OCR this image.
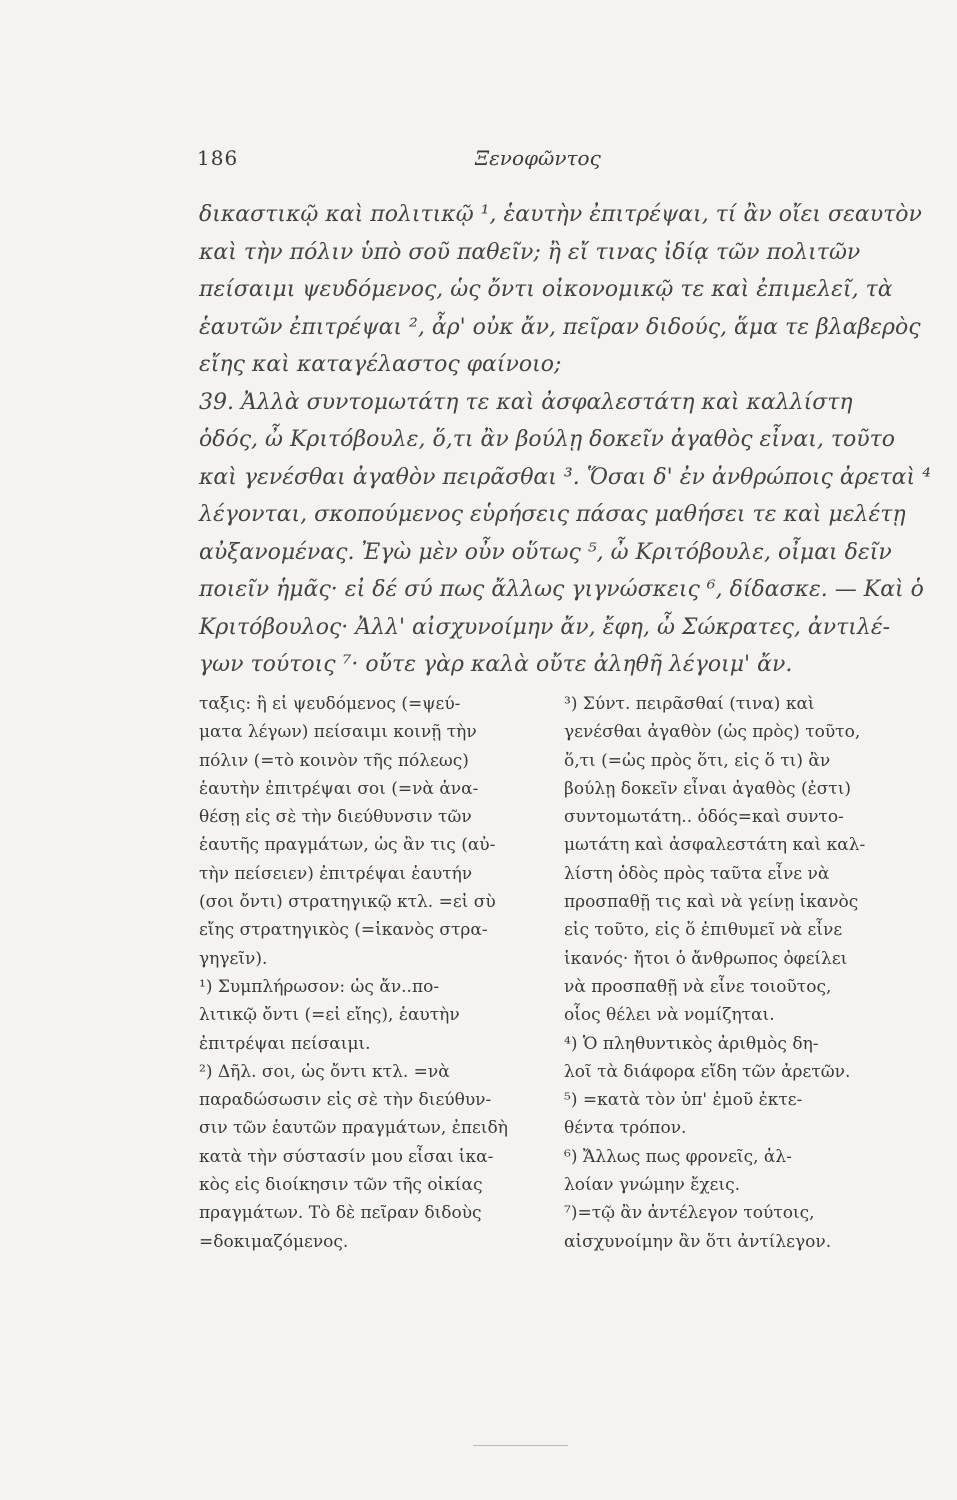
186	Ξενοφῶντος
δικαστικῷ καὶ πολιτικῷ ¹, ἑαυτὴν ἐπιτρέψαι, τί ἂν οἴει σεαυτὸν
καὶ τὴν πόλιν ὑπὸ σοῦ παθεῖν; ἢ εἴ τινας ἰδίᾳ τῶν πολιτῶν
πείσαιμι ψευδόμενος, ὡς ὄντι οἰκονομικῷ τε καὶ ἐπιμελεῖ, τὰ
ἑαυτῶν ἐπιτρέψαι ², ἆρ' οὐκ ἄν, πεῖραν διδούς, ἅμα τε βλαβερὸς
εἴης καὶ καταγέλαστος φαίνοιο;
39. Ἀλλὰ συντομωτάτη τε καὶ ἀσφαλεστάτη καὶ καλλίστη
ὁδός, ὦ Κριτόβουλε, ὅ,τι ἂν βούλῃ δοκεῖν ἀγαθὸς εἶναι, τοῦτο
καὶ γενέσθαι ἀγαθὸν πειρᾶσθαι ³. Ὅσαι δ' ἐν ἀνθρώποις ἀρεταὶ ⁴
λέγονται, σκοπούμενος εὑρήσεις πάσας μαθήσει τε καὶ μελέτῃ
αὐξανομένας. Ἐγὼ μὲν οὖν οὕτως ⁵, ὦ Κριτόβουλε, οἶμαι δεῖν
ποιεῖν ἡμᾶς· εἰ δέ σύ πως ἄλλως γιγνώσκεις ⁶, δίδασκε. — Καὶ ὁ
Κριτόβουλος· Ἀλλ' αἰσχυνοίμην ἄν, ἔφη, ὦ Σώκρατες, ἀντιλέ-
γων τούτοις ⁷· οὔτε γὰρ καλὰ οὔτε ἀληθῆ λέγοιμ' ἄν.
ταξις: ἢ εἰ ψευδόμενος (=ψεύ-
ματα λέγων) πείσαιμι κοινῇ τὴν
πόλιν (=τὸ κοινὸν τῆς πόλεως)
ἑαυτὴν ἐπιτρέψαι σοι (=νὰ ἀνα-
θέσῃ εἰς σὲ τὴν διεύθυνσιν τῶν
ἑαυτῆς πραγμάτων, ὡς ἂν τις (αὐ-
τὴν πείσειεν) ἐπιτρέψαι ἑαυτήν
(σοι ὄντι) στρατηγικῷ κτλ. =εἰ σὺ
εἴης στρατηγικὸς (=ἱκανὸς στρα-
γηγεῖν).
¹) Συμπλήρωσον: ὡς ἄν..πο-
λιτικῷ ὄντι (=εἰ εἴης), ἑαυτὴν
ἐπιτρέψαι πείσαιμι.
²) Δῆλ. σοι, ὡς ὄντι κτλ. =νὰ
παραδώσωσιν εἰς σὲ τὴν διεύθυν-
σιν τῶν ἑαυτῶν πραγμάτων, ἐπειδὴ
κατὰ τὴν σύστασίν μου εἶσαι ἱκα-
κὸς εἰς διοίκησιν τῶν τῆς οἰκίας
πραγμάτων. Τὸ δὲ πεῖραν διδοὺς
=δοκιμαζόμενος.
³) Σύντ. πειρᾶσθαί (τινα) καὶ
γενέσθαι ἀγαθὸν (ὡς πρὸς) τοῦτο,
ὅ,τι (=ὡς πρὸς ὅτι, εἰς ὅ τι) ἂν
βούλῃ δοκεῖν εἶναι ἀγαθὸς (ἐστι)
συντομωτάτη.. ὁδός=καὶ συντο-
μωτάτη καὶ ἀσφαλεστάτη καὶ καλ-
λίστη ὁδὸς πρὸς ταῦτα εἶνε νὰ
προσπαθῇ τις καὶ νὰ γείνῃ ἱκανὸς
εἰς τοῦτο, εἰς ὅ ἐπιθυμεῖ νὰ εἶνε
ἱκανός· ἤτοι ὁ ἄνθρωπος ὀφείλει
νὰ προσπαθῇ νὰ εἶνε τοιοῦτος,
οἷος θέλει νὰ νομίζηται.
⁴) Ὁ πληθυντικὸς ἀριθμὸς δη-
λοῖ τὰ διάφορα εἴδη τῶν ἀρετῶν.
⁵) =κατὰ τὸν ὑπ' ἐμοῦ ἐκτε-
θέντα τρόπον.
⁶) Ἄλλως πως φρονεῖς, ἀλ-
λοίαν γνώμην ἔχεις.
⁷)=τῷ ἂν ἀντέλεγον τούτοις,
αἰσχυνοίμην ἂν ὅτι ἀντίλεγον.
